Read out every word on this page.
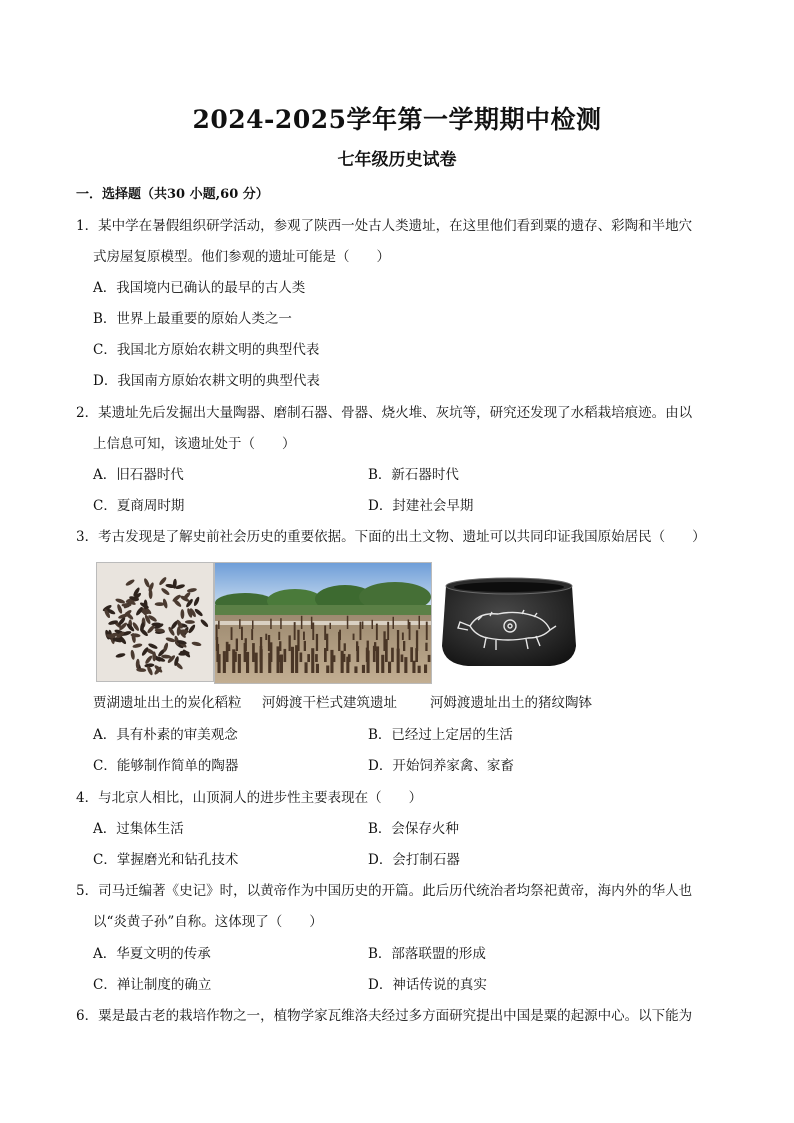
2024-2025学年第一学期期中检测
七年级历史试卷
一．选择题（共30 小题,60 分）
1．某中学在暑假组织研学活动，参观了陕西一处古人类遗址，在这里他们看到粟的遗存、彩陶和半地穴
式房屋复原模型。他们参观的遗址可能是（　　）
A．我国境内已确认的最早的古人类
B．世界上最重要的原始人类之一
C．我国北方原始农耕文明的典型代表
D．我国南方原始农耕文明的典型代表
2．某遗址先后发掘出大量陶器、磨制石器、骨器、烧火堆、灰坑等，研究还发现了水稻栽培痕迹。由以
上信息可知，该遗址处于（　　）
A．旧石器时代	B．新石器时代
C．夏商周时期	D．封建社会早期
3．考古发现是了解史前社会历史的重要依据。下面的出土文物、遗址可以共同印证我国原始居民（　　）
贾湖遗址出土的炭化稻粒 河姆渡干栏式建筑遗址 河姆渡遗址出土的猪纹陶钵
A．具有朴素的审美观念	B．已经过上定居的生活
C．能够制作简单的陶器	D．开始饲养家禽、家畜
4．与北京人相比，山顶洞人的进步性主要表现在（　　）
A．过集体生活	B．会保存火种
C．掌握磨光和钻孔技术	D．会打制石器
5．司马迁编著《史记》时，以黄帝作为中国历史的开篇。此后历代统治者均祭祀黄帝，海内外的华人也
以“炎黄子孙”自称。这体现了（　　）
A．华夏文明的传承	B．部落联盟的形成
C．禅让制度的确立	D．神话传说的真实
6．粟是最古老的栽培作物之一，植物学家瓦维洛夫经过多方面研究提出中国是粟的起源中心。以下能为
